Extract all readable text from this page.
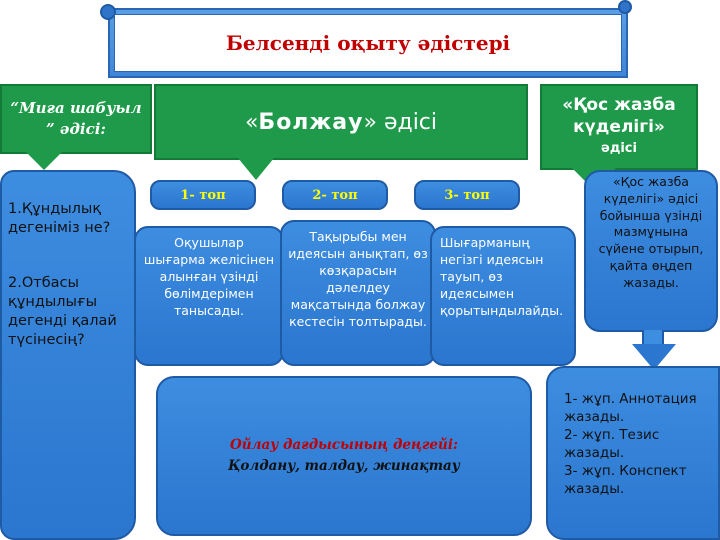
Белсенді оқыту әдістері
“Миға шабуыл ” әдісі:	« Болжау » әдісі
«Қос жазба күделігі»
әдісі
1.Құндылық дегеніміз не?
2.Отбасы құндылығы дегенді қалай түсінесің?
1- топ	2- топ	3- топ
Оқушылар шығарма желісінен алынған үзінді бөлімдерімен танысады.
Тақырыбы мен идеясын анықтап, өз көзқарасын дәлелдеу мақсатында болжау кестесін толтырады.
Шығарманың негізгі идеясын тауып, өз идеясымен қорытындылайды.
Ойлау дағдысының деңгейі:
Қолдану, талдау, жинақтау
«Қос жазба күделігі» әдісі бойынша үзінді мазмұнына сүйене отырып, қайта өңдеп жазады.

1- жұп. Аннотация жазады.
2- жұп. Тезис жазады.
3- жұп. Конспект жазады.
